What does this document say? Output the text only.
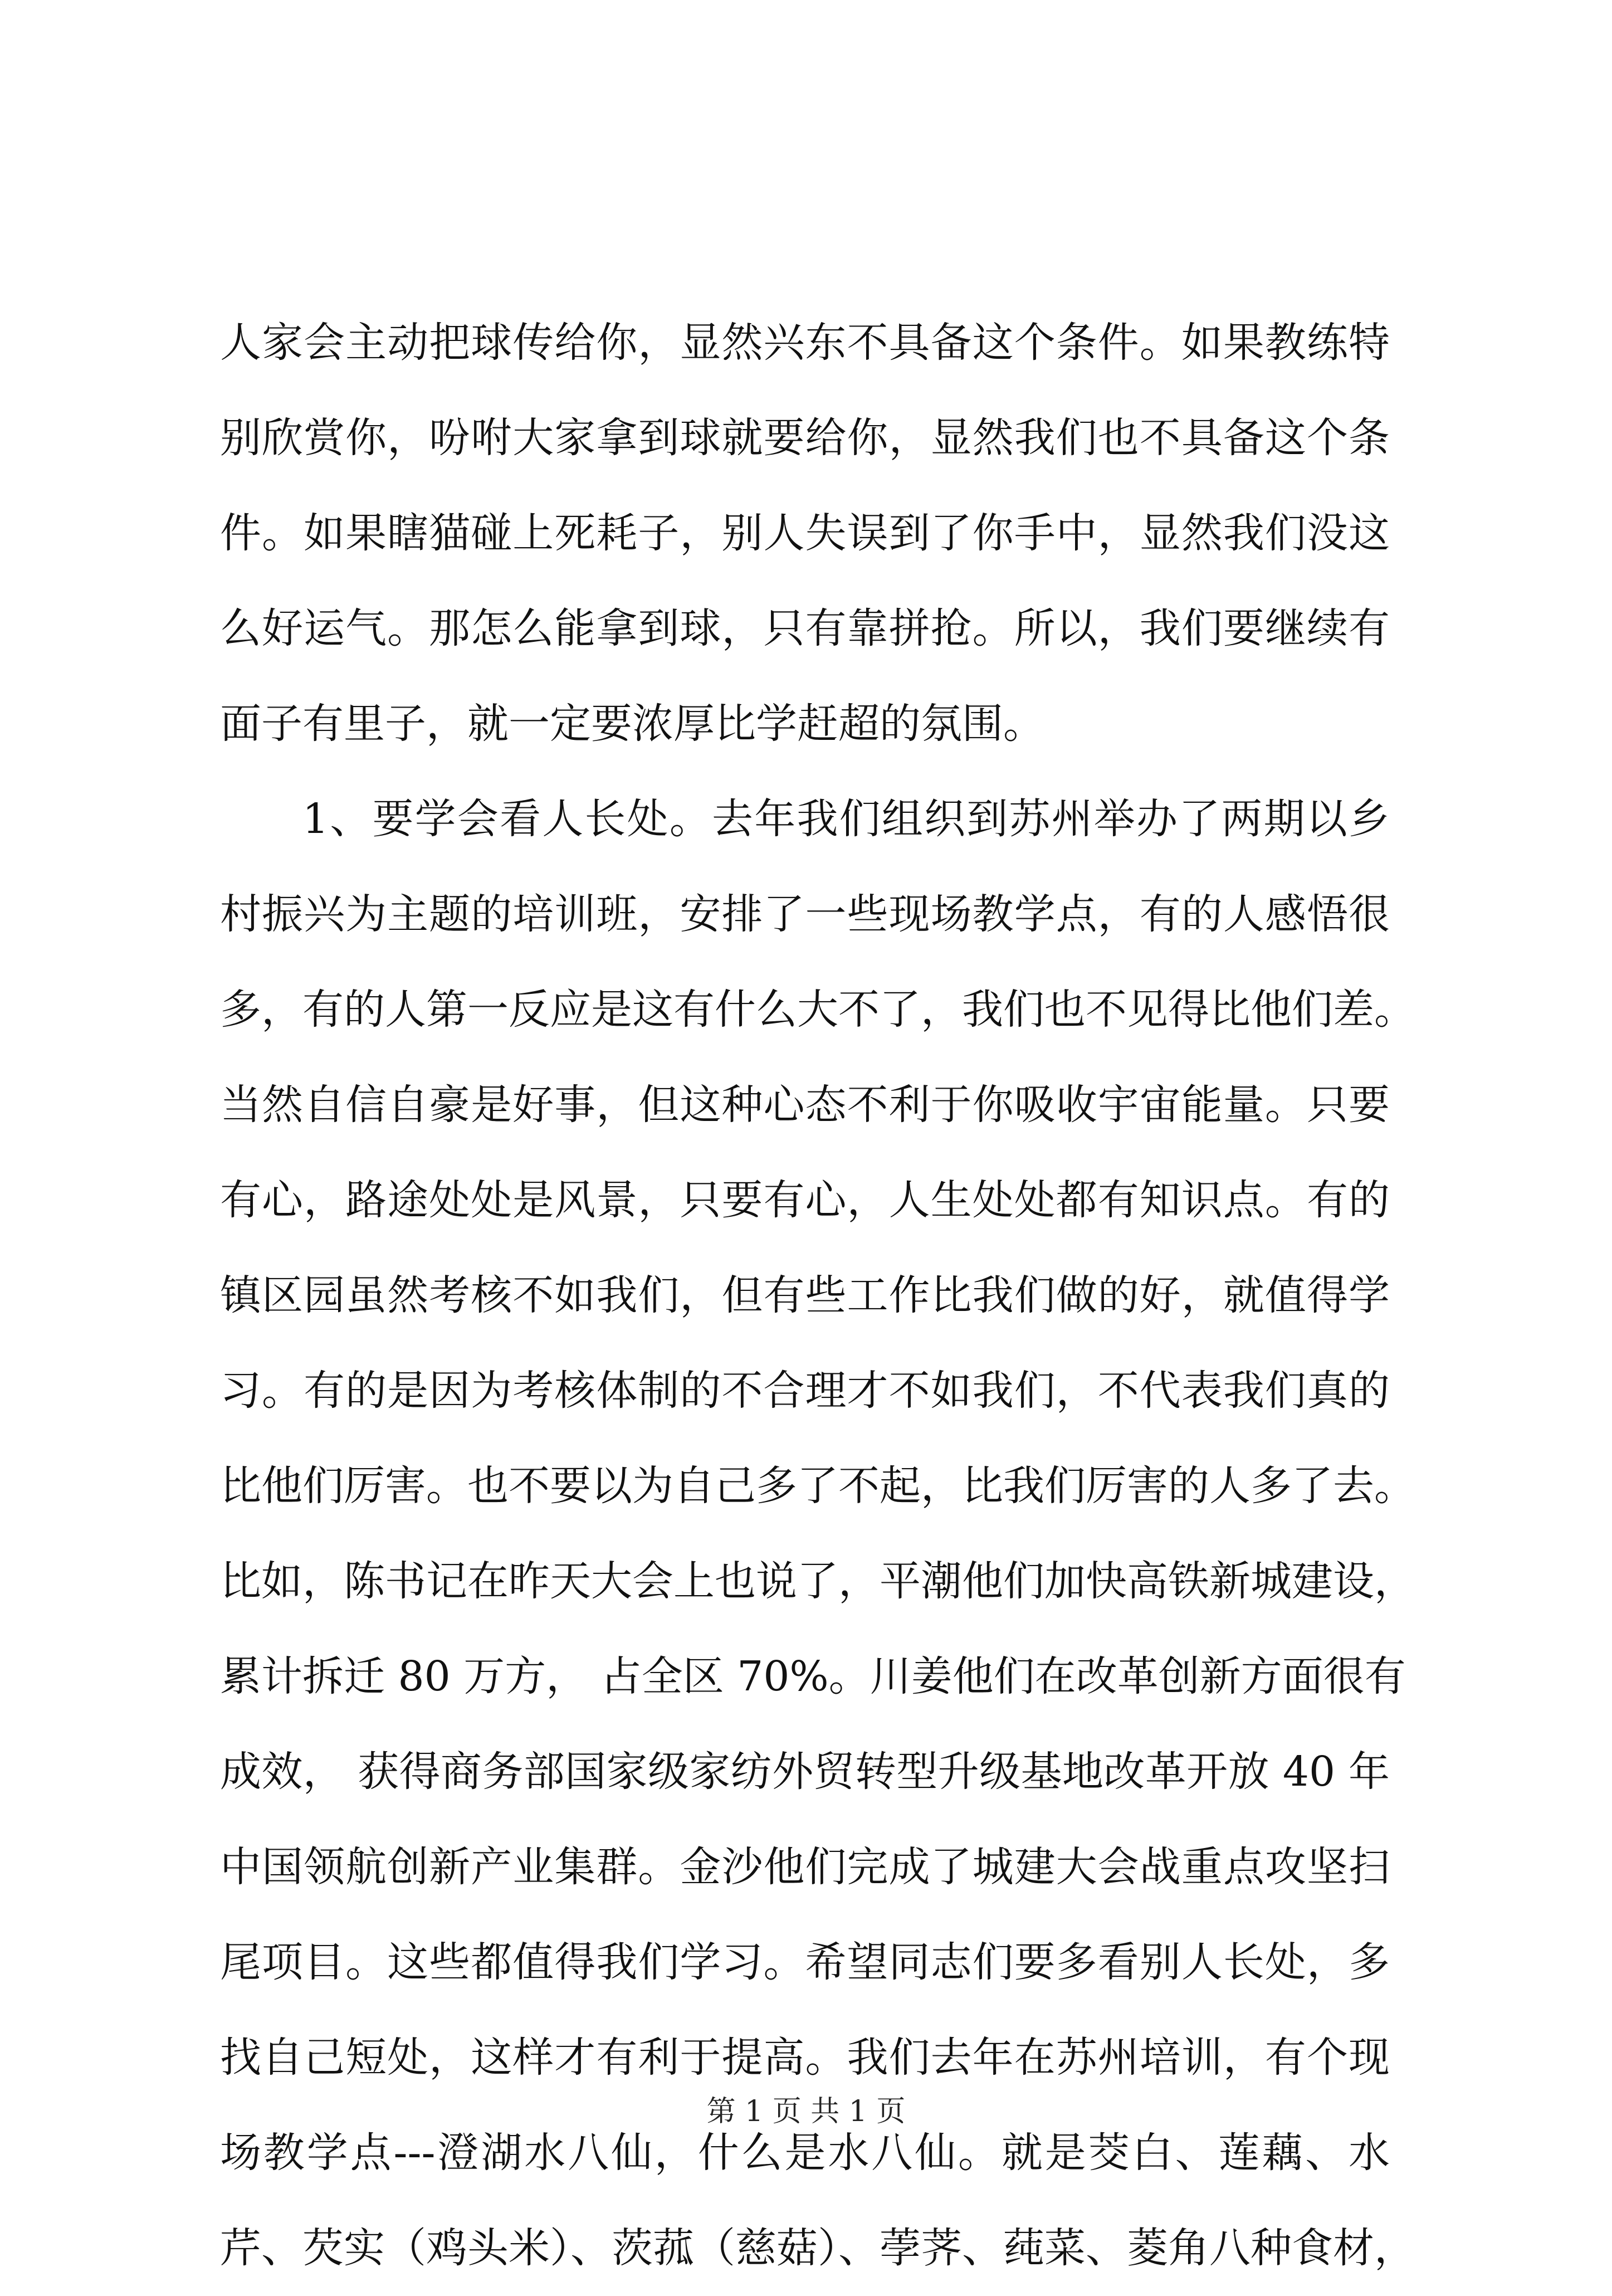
人家会主动把球传给你，显然兴东不具备这个条件。如果教练特
别欣赏你，吩咐大家拿到球就要给你，显然我们也不具备这个条
件。如果瞎猫碰上死耗子，别人失误到了你手中，显然我们没这
么好运气。那怎么能拿到球，只有靠拼抢。所以，我们要继续有
面子有里子，就一定要浓厚比学赶超的氛围。
1、要学会看人长处。去年我们组织到苏州举办了两期以乡
村振兴为主题的培训班，安排了一些现场教学点，有的人感悟很
多，有的人第一反应是这有什么大不了，我们也不见得比他们差。
当然自信自豪是好事，但这种心态不利于你吸收宇宙能量。只要
有心，路途处处是风景，只要有心，人生处处都有知识点。有的
镇区园虽然考核不如我们，但有些工作比我们做的好，就值得学
习。有的是因为考核体制的不合理才不如我们，不代表我们真的
比他们厉害。也不要以为自己多了不起，比我们厉害的人多了去。
比如，陈书记在昨天大会上也说了，平潮他们加快高铁新城建设，
累计拆迁 80 万方， 占全区 70%。川姜他们在改革创新方面很有
成效， 获得商务部国家级家纺外贸转型升级基地改革开放 40 年
中国领航创新产业集群。金沙他们完成了城建大会战重点攻坚扫
尾项目。这些都值得我们学习。希望同志们要多看别人长处，多
找自己短处，这样才有利于提高。我们去年在苏州培训，有个现
场教学点---澄湖水八仙，什么是水八仙。就是茭白、莲藕、水
芹、芡实（鸡头米）、茨菰（慈菇）、荸荠、莼菜、菱角八种食材，
第 1 页 共 1 页
